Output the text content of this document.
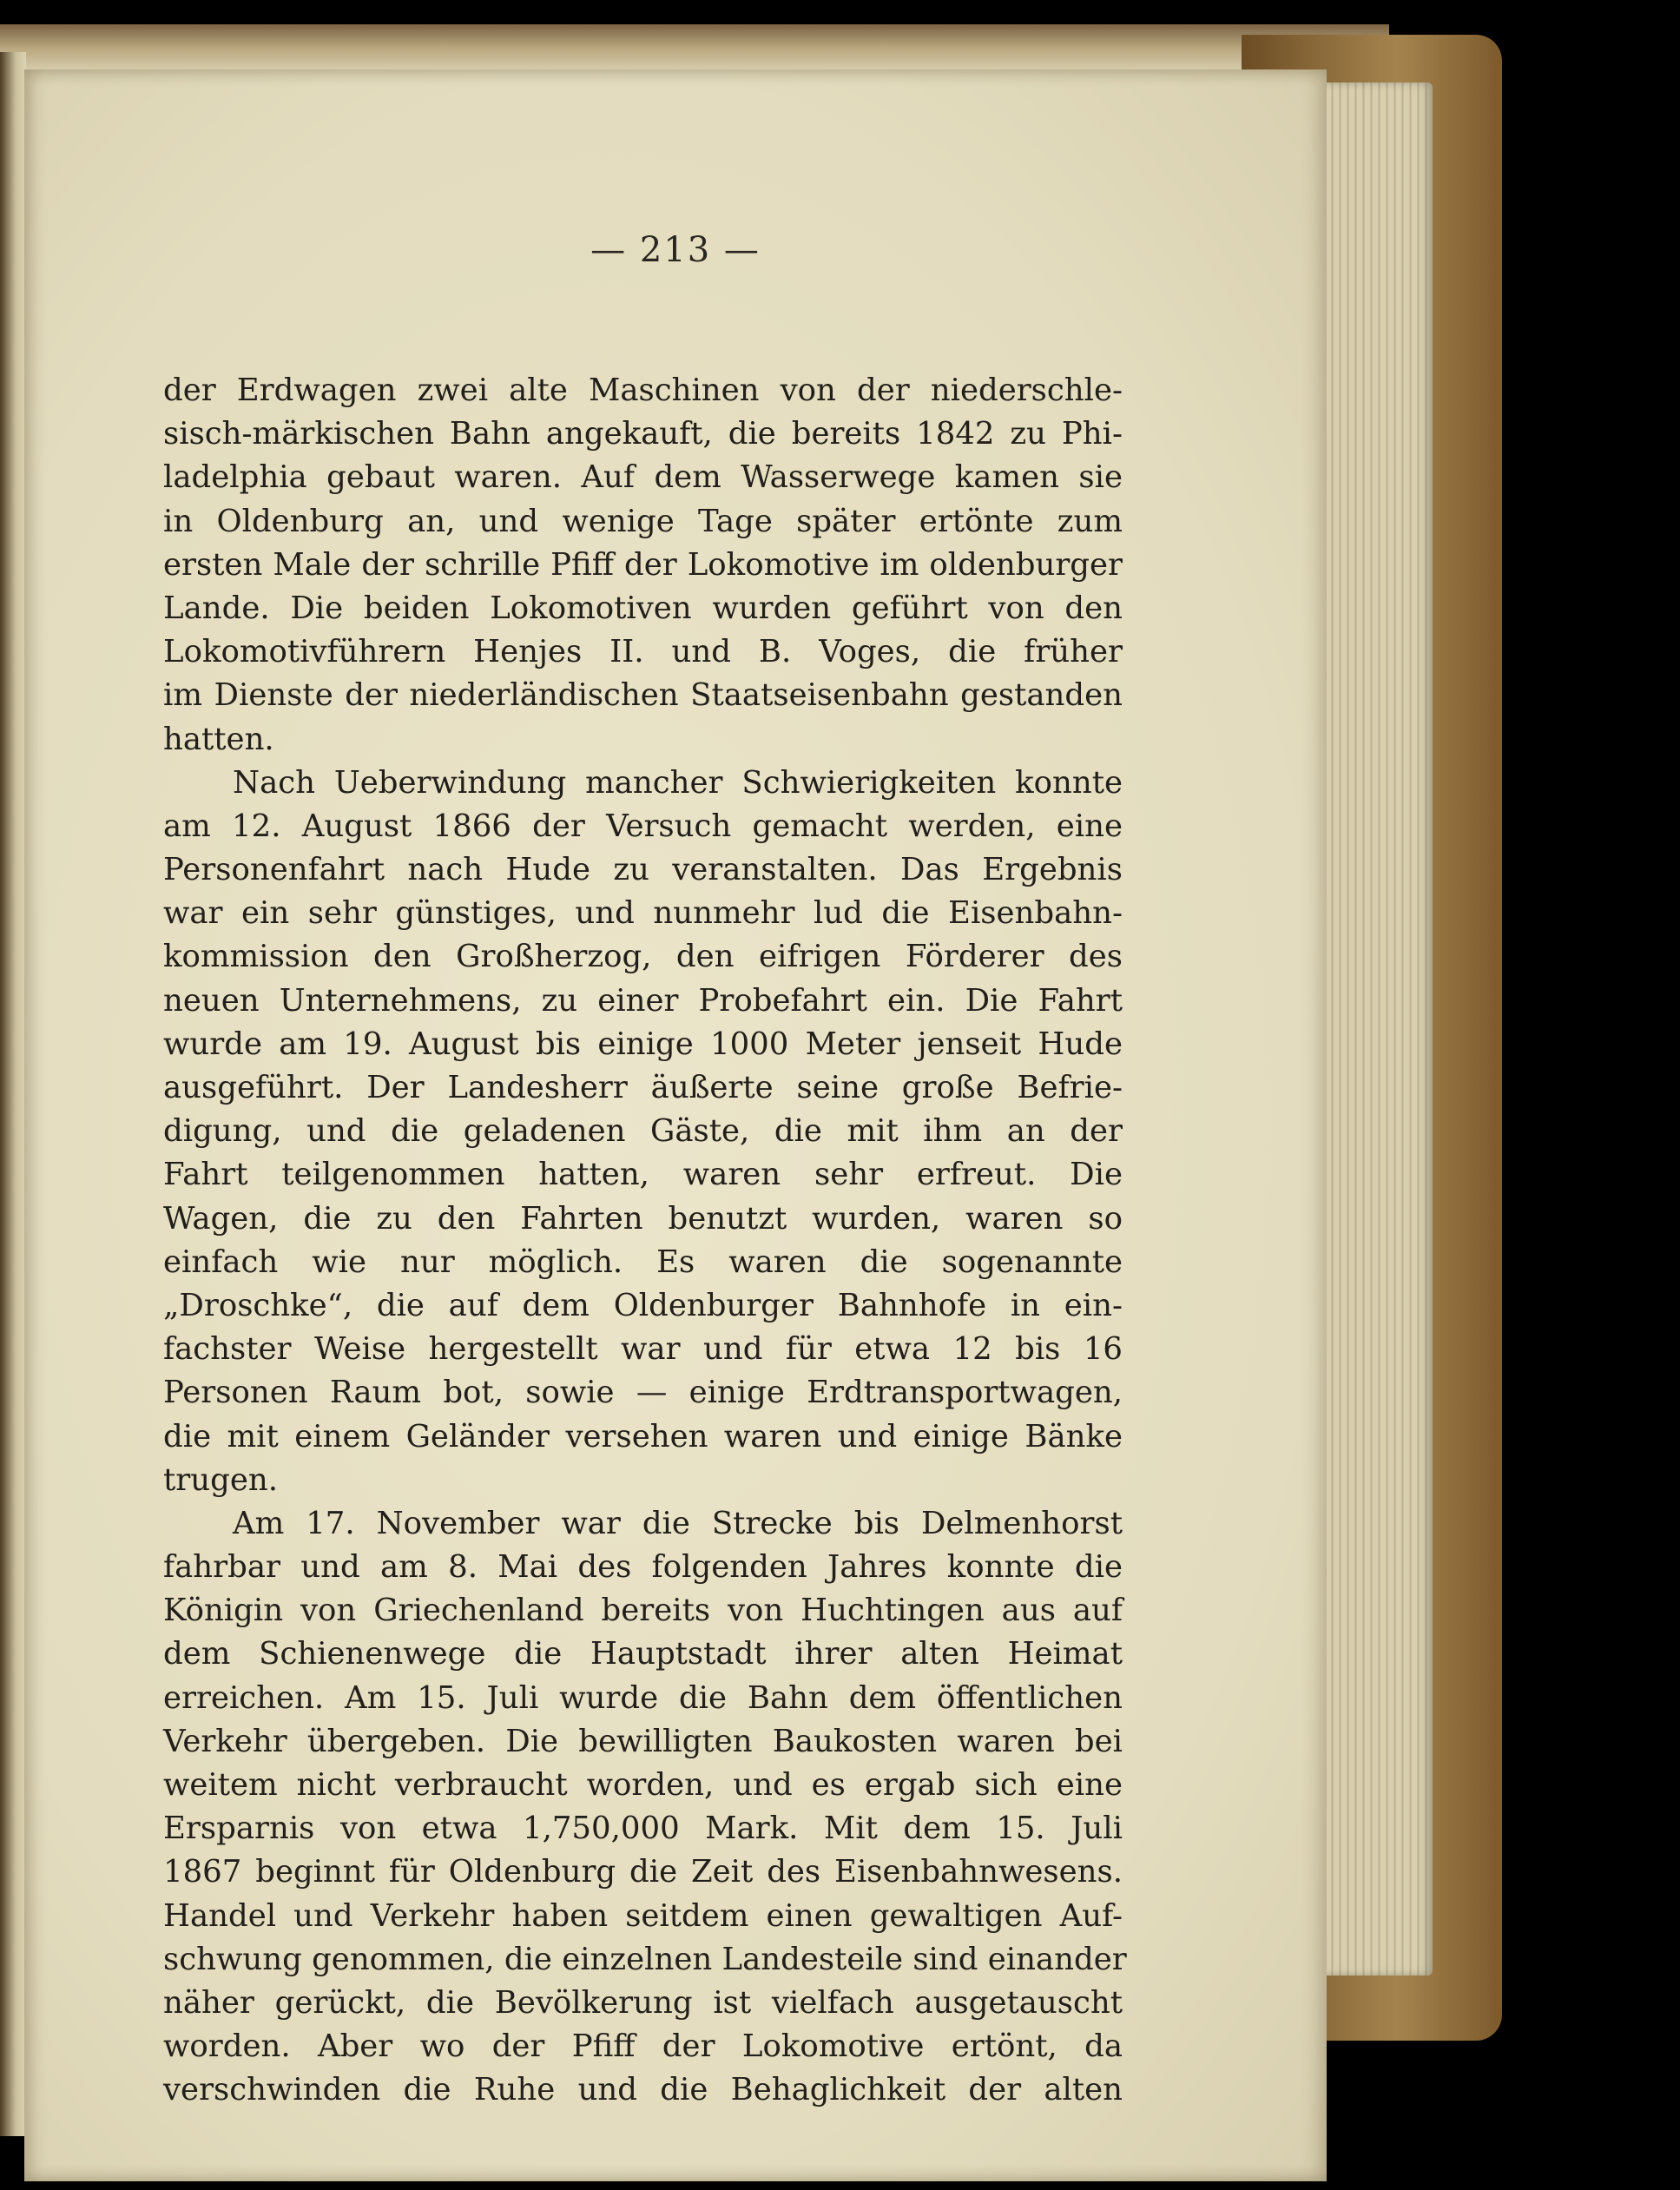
— 213 —
der Erdwagen zwei alte Maschinen von der niederschle-
sisch-märkischen Bahn angekauft, die bereits 1842 zu Phi-
ladelphia gebaut waren. Auf dem Wasserwege kamen sie
in Oldenburg an, und wenige Tage später ertönte zum
ersten Male der schrille Pfiff der Lokomotive im oldenburger
Lande. Die beiden Lokomotiven wurden geführt von den
Lokomotivführern Henjes II. und B. Voges, die früher
im Dienste der niederländischen Staatseisenbahn gestanden
hatten.
Nach Ueberwindung mancher Schwierigkeiten konnte
am 12. August 1866 der Versuch gemacht werden, eine
Personenfahrt nach Hude zu veranstalten. Das Ergebnis
war ein sehr günstiges, und nunmehr lud die Eisenbahn-
kommission den Großherzog, den eifrigen Förderer des
neuen Unternehmens, zu einer Probefahrt ein. Die Fahrt
wurde am 19. August bis einige 1000 Meter jenseit Hude
ausgeführt. Der Landesherr äußerte seine große Befrie-
digung, und die geladenen Gäste, die mit ihm an der
Fahrt teilgenommen hatten, waren sehr erfreut. Die
Wagen, die zu den Fahrten benutzt wurden, waren so
einfach wie nur möglich. Es waren die sogenannte
„Droschke“, die auf dem Oldenburger Bahnhofe in ein-
fachster Weise hergestellt war und für etwa 12 bis 16
Personen Raum bot, sowie — einige Erdtransportwagen,
die mit einem Geländer versehen waren und einige Bänke
trugen.
Am 17. November war die Strecke bis Delmenhorst
fahrbar und am 8. Mai des folgenden Jahres konnte die
Königin von Griechenland bereits von Huchtingen aus auf
dem Schienenwege die Hauptstadt ihrer alten Heimat
erreichen. Am 15. Juli wurde die Bahn dem öffentlichen
Verkehr übergeben. Die bewilligten Baukosten waren bei
weitem nicht verbraucht worden, und es ergab sich eine
Ersparnis von etwa 1,750,000 Mark. Mit dem 15. Juli
1867 beginnt für Oldenburg die Zeit des Eisenbahnwesens.
Handel und Verkehr haben seitdem einen gewaltigen Auf-
schwung genommen, die einzelnen Landesteile sind einander
näher gerückt, die Bevölkerung ist vielfach ausgetauscht
worden. Aber wo der Pfiff der Lokomotive ertönt, da
verschwinden die Ruhe und die Behaglichkeit der alten
